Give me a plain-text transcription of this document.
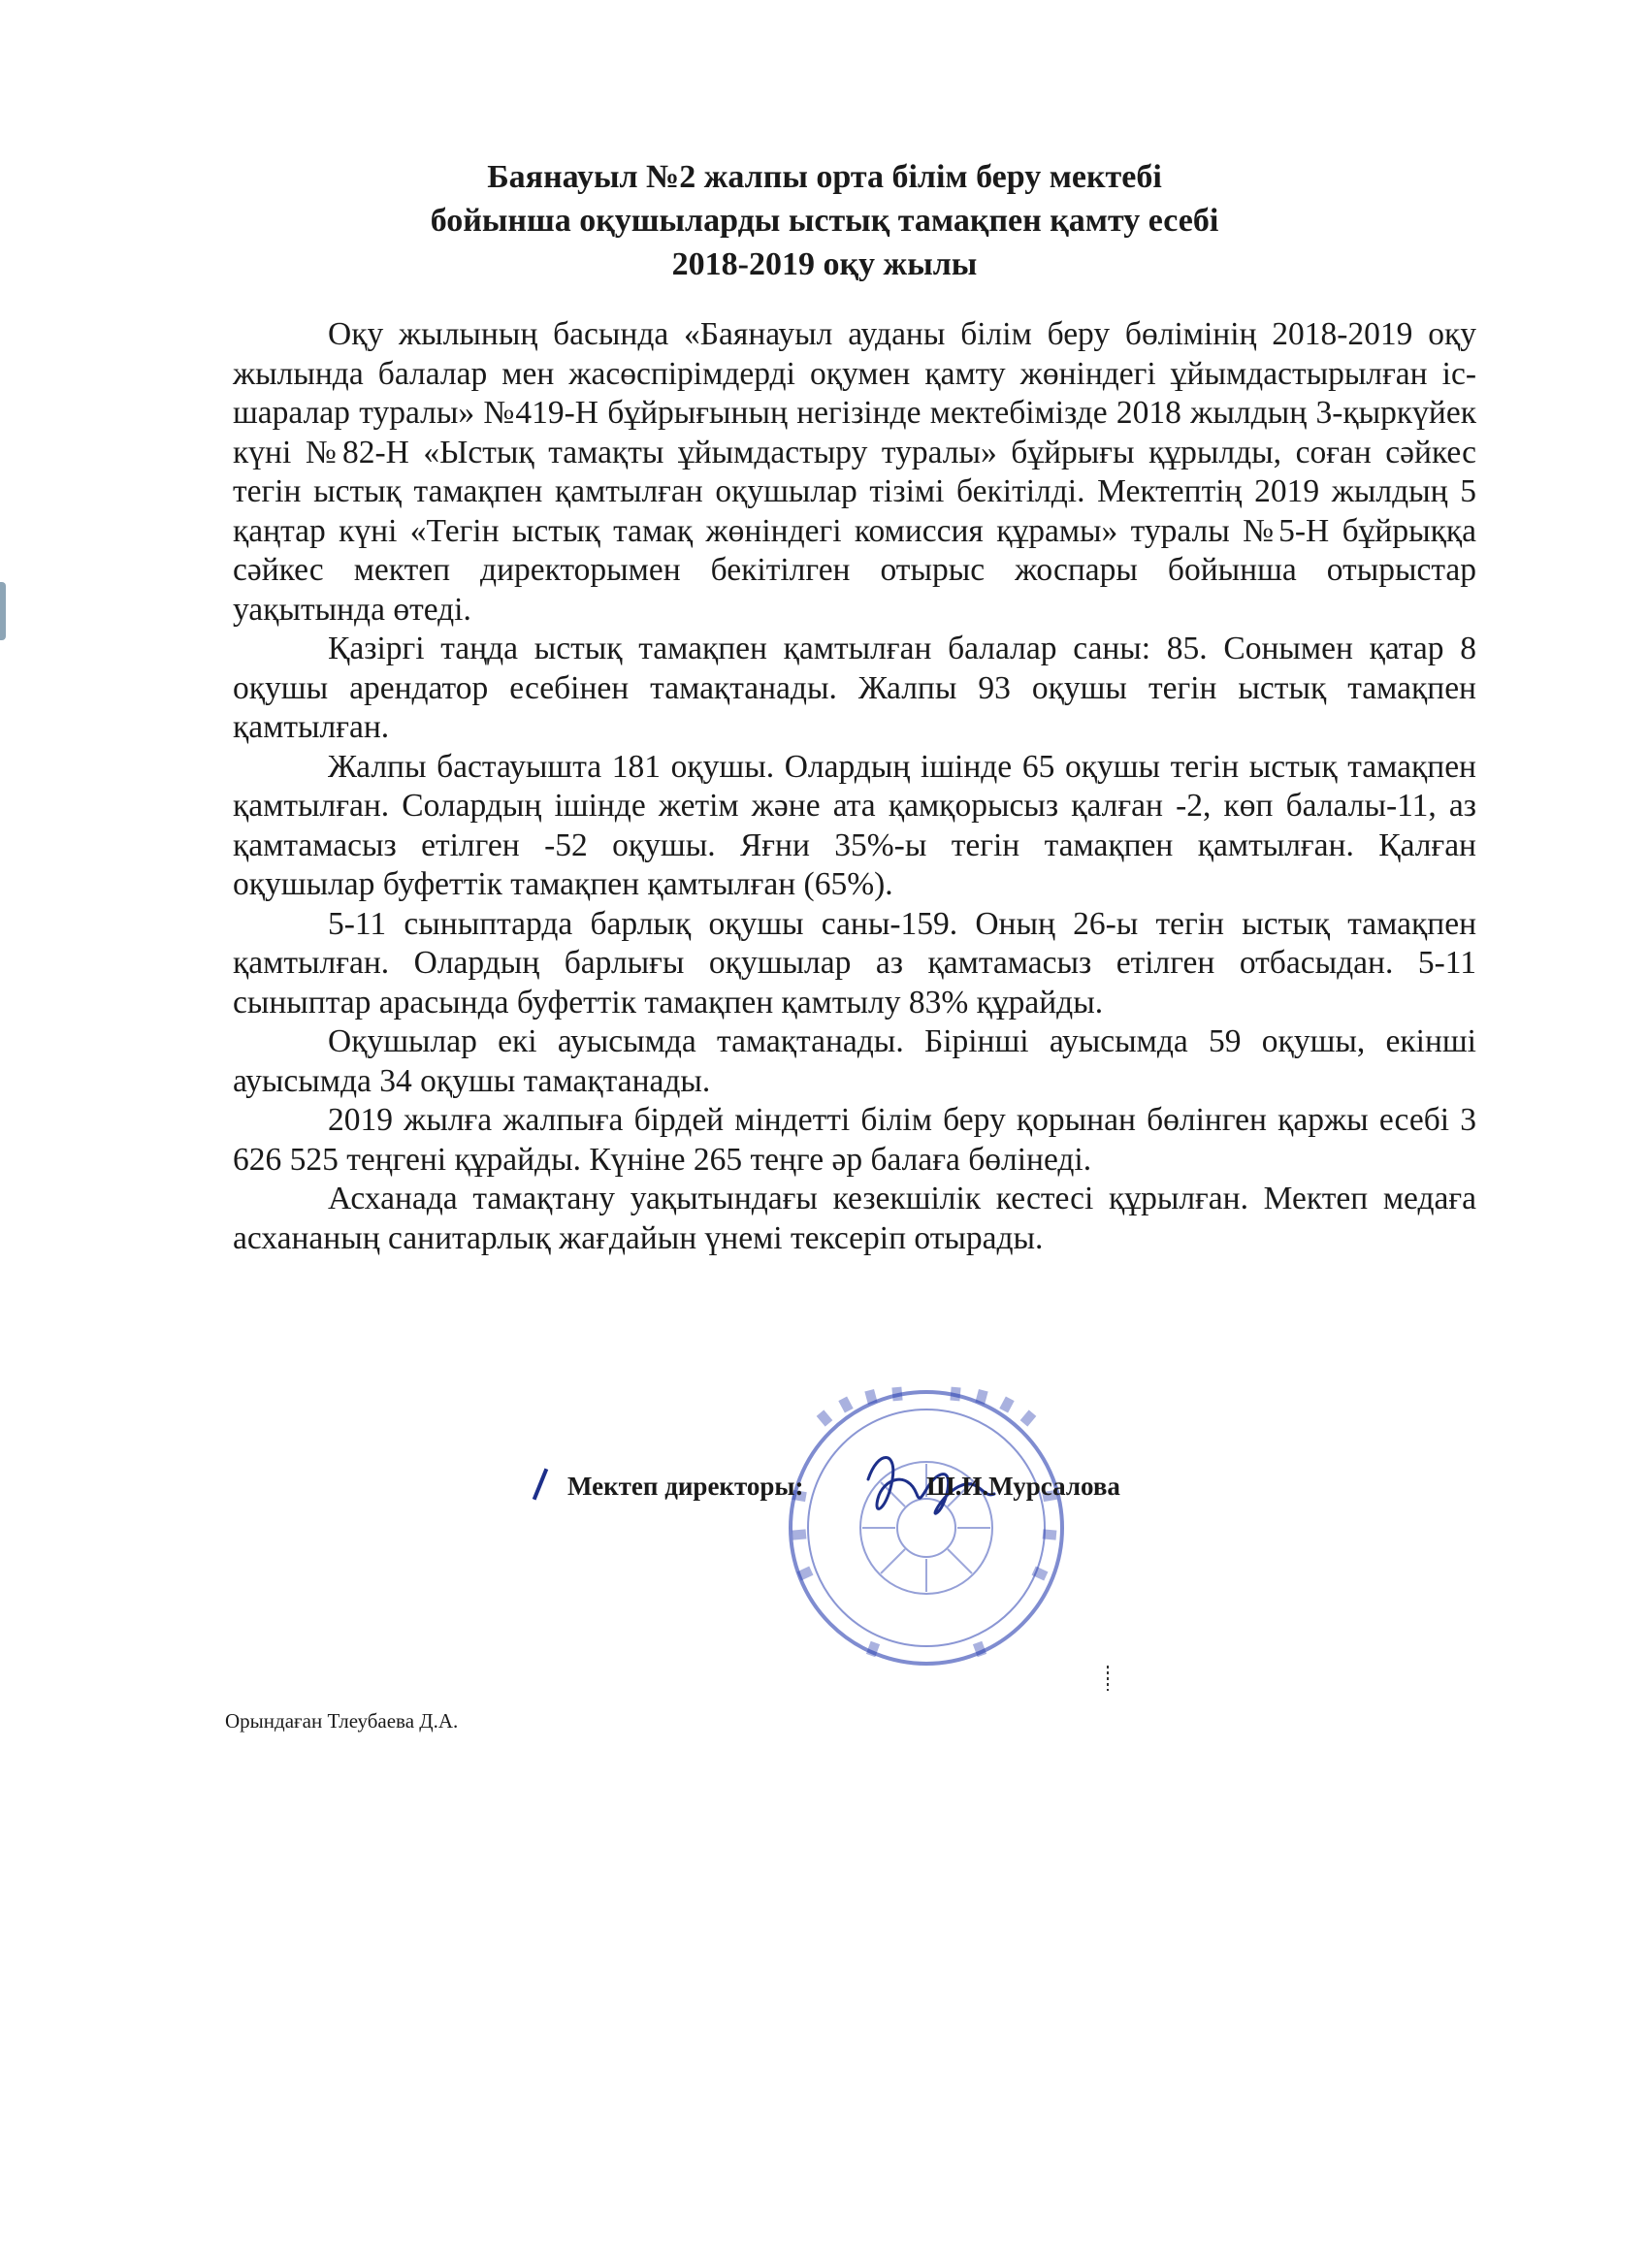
Баянауыл №2 жалпы орта білім беру мектебі
бойынша оқушыларды ыстық тамақпен қамту есебі
2018-2019 оқу жылы

Оқу жылының басында «Баянауыл ауданы білім беру бөлімінің 2018-2019 оқу жылында балалар мен жасөспірімдерді оқумен қамту жөніндегі ұйымдастырылған іс-шаралар туралы» №419-Н бұйрығының негізінде мектебімізде 2018 жылдың 3-қыркүйек күні №82-Н «Ыстық тамақты ұйымдастыру туралы» бұйрығы құрылды, соған сәйкес тегін ыстық тамақпен қамтылған оқушылар тізімі бекітілді. Мектептің 2019 жылдың 5 қаңтар күні «Тегін ыстық тамақ жөніндегі комиссия құрамы» туралы №5-Н бұйрыққа сәйкес мектеп директорымен бекітілген отырыс жоспары бойынша отырыстар уақытында өтеді.

Қазіргі таңда ыстық тамақпен қамтылған балалар саны: 85. Сонымен қатар 8 оқушы арендатор есебінен тамақтанады. Жалпы 93 оқушы тегін ыстық тамақпен қамтылған.

Жалпы бастауышта 181 оқушы. Олардың ішінде 65 оқушы тегін ыстық тамақпен қамтылған. Солардың ішінде жетім және ата қамқорысыз қалған -2, көп балалы-11, аз қамтамасыз етілген -52 оқушы. Яғни 35%-ы тегін тамақпен қамтылған. Қалған оқушылар буфеттік тамақпен қамтылған (65%).

5-11 сыныптарда барлық оқушы саны-159. Оның 26-ы тегін ыстық тамақпен қамтылған. Олардың барлығы оқушылар аз қамтамасыз етілген отбасыдан. 5-11 сыныптар арасында буфеттік тамақпен қамтылу 83% құрайды.

Оқушылар екі ауысымда тамақтанады. Бірінші ауысымда 59 оқушы, екінші ауысымда 34 оқушы тамақтанады.

2019 жылға жалпыға бірдей міндетті білім беру қорынан бөлінген қаржы есебі 3 626 525 теңгені құрайды. Күніне 265 теңге әр балаға бөлінеді.

Асханада тамақтану уақытындағы кезекшілік кестесі құрылған. Мектеп медаға асхананың санитарлық жағдайын үнемі тексеріп отырады.

Мектеп директоры:	Ш.И.Мурсалова
Орындаған Тлеубаева Д.А.
